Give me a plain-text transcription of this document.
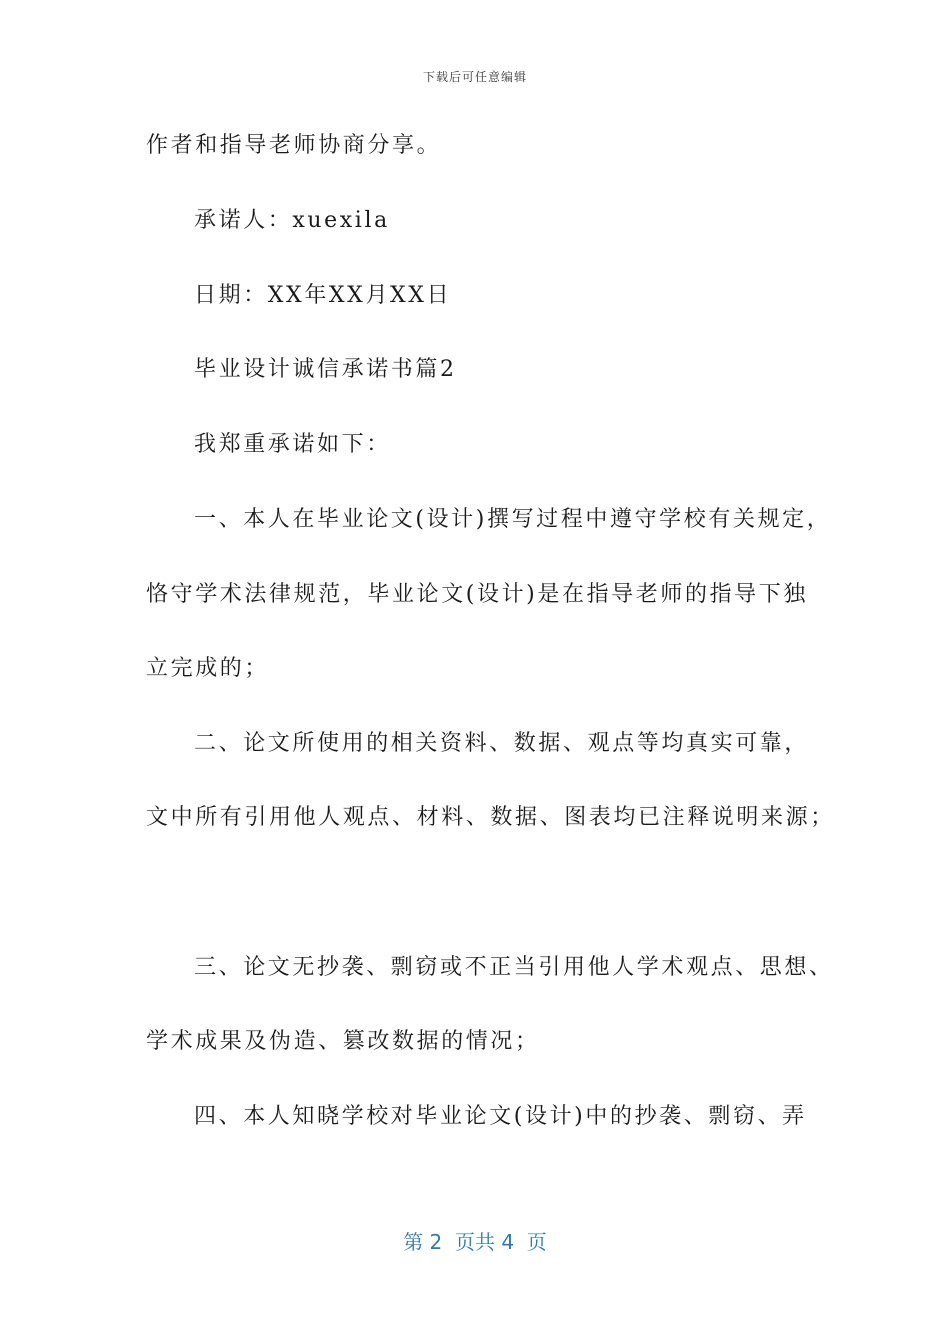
下载后可任意编辑
作者和指导老师协商分享。
承诺人：xuexila
日期：XX年XX月XX日
毕业设计诚信承诺书篇2
我郑重承诺如下：
一、本人在毕业论文(设计)撰写过程中遵守学校有关规定，
恪守学术法律规范，毕业论文(设计)是在指导老师的指导下独
立完成的；
二、论文所使用的相关资料、数据、观点等均真实可靠，
文中所有引用他人观点、材料、数据、图表均已注释说明来源；
三、论文无抄袭、剽窃或不正当引用他人学术观点、思想、
学术成果及伪造、篡改数据的情况；
四、本人知晓学校对毕业论文(设计)中的抄袭、剽窃、弄
第 2  页共 4  页
